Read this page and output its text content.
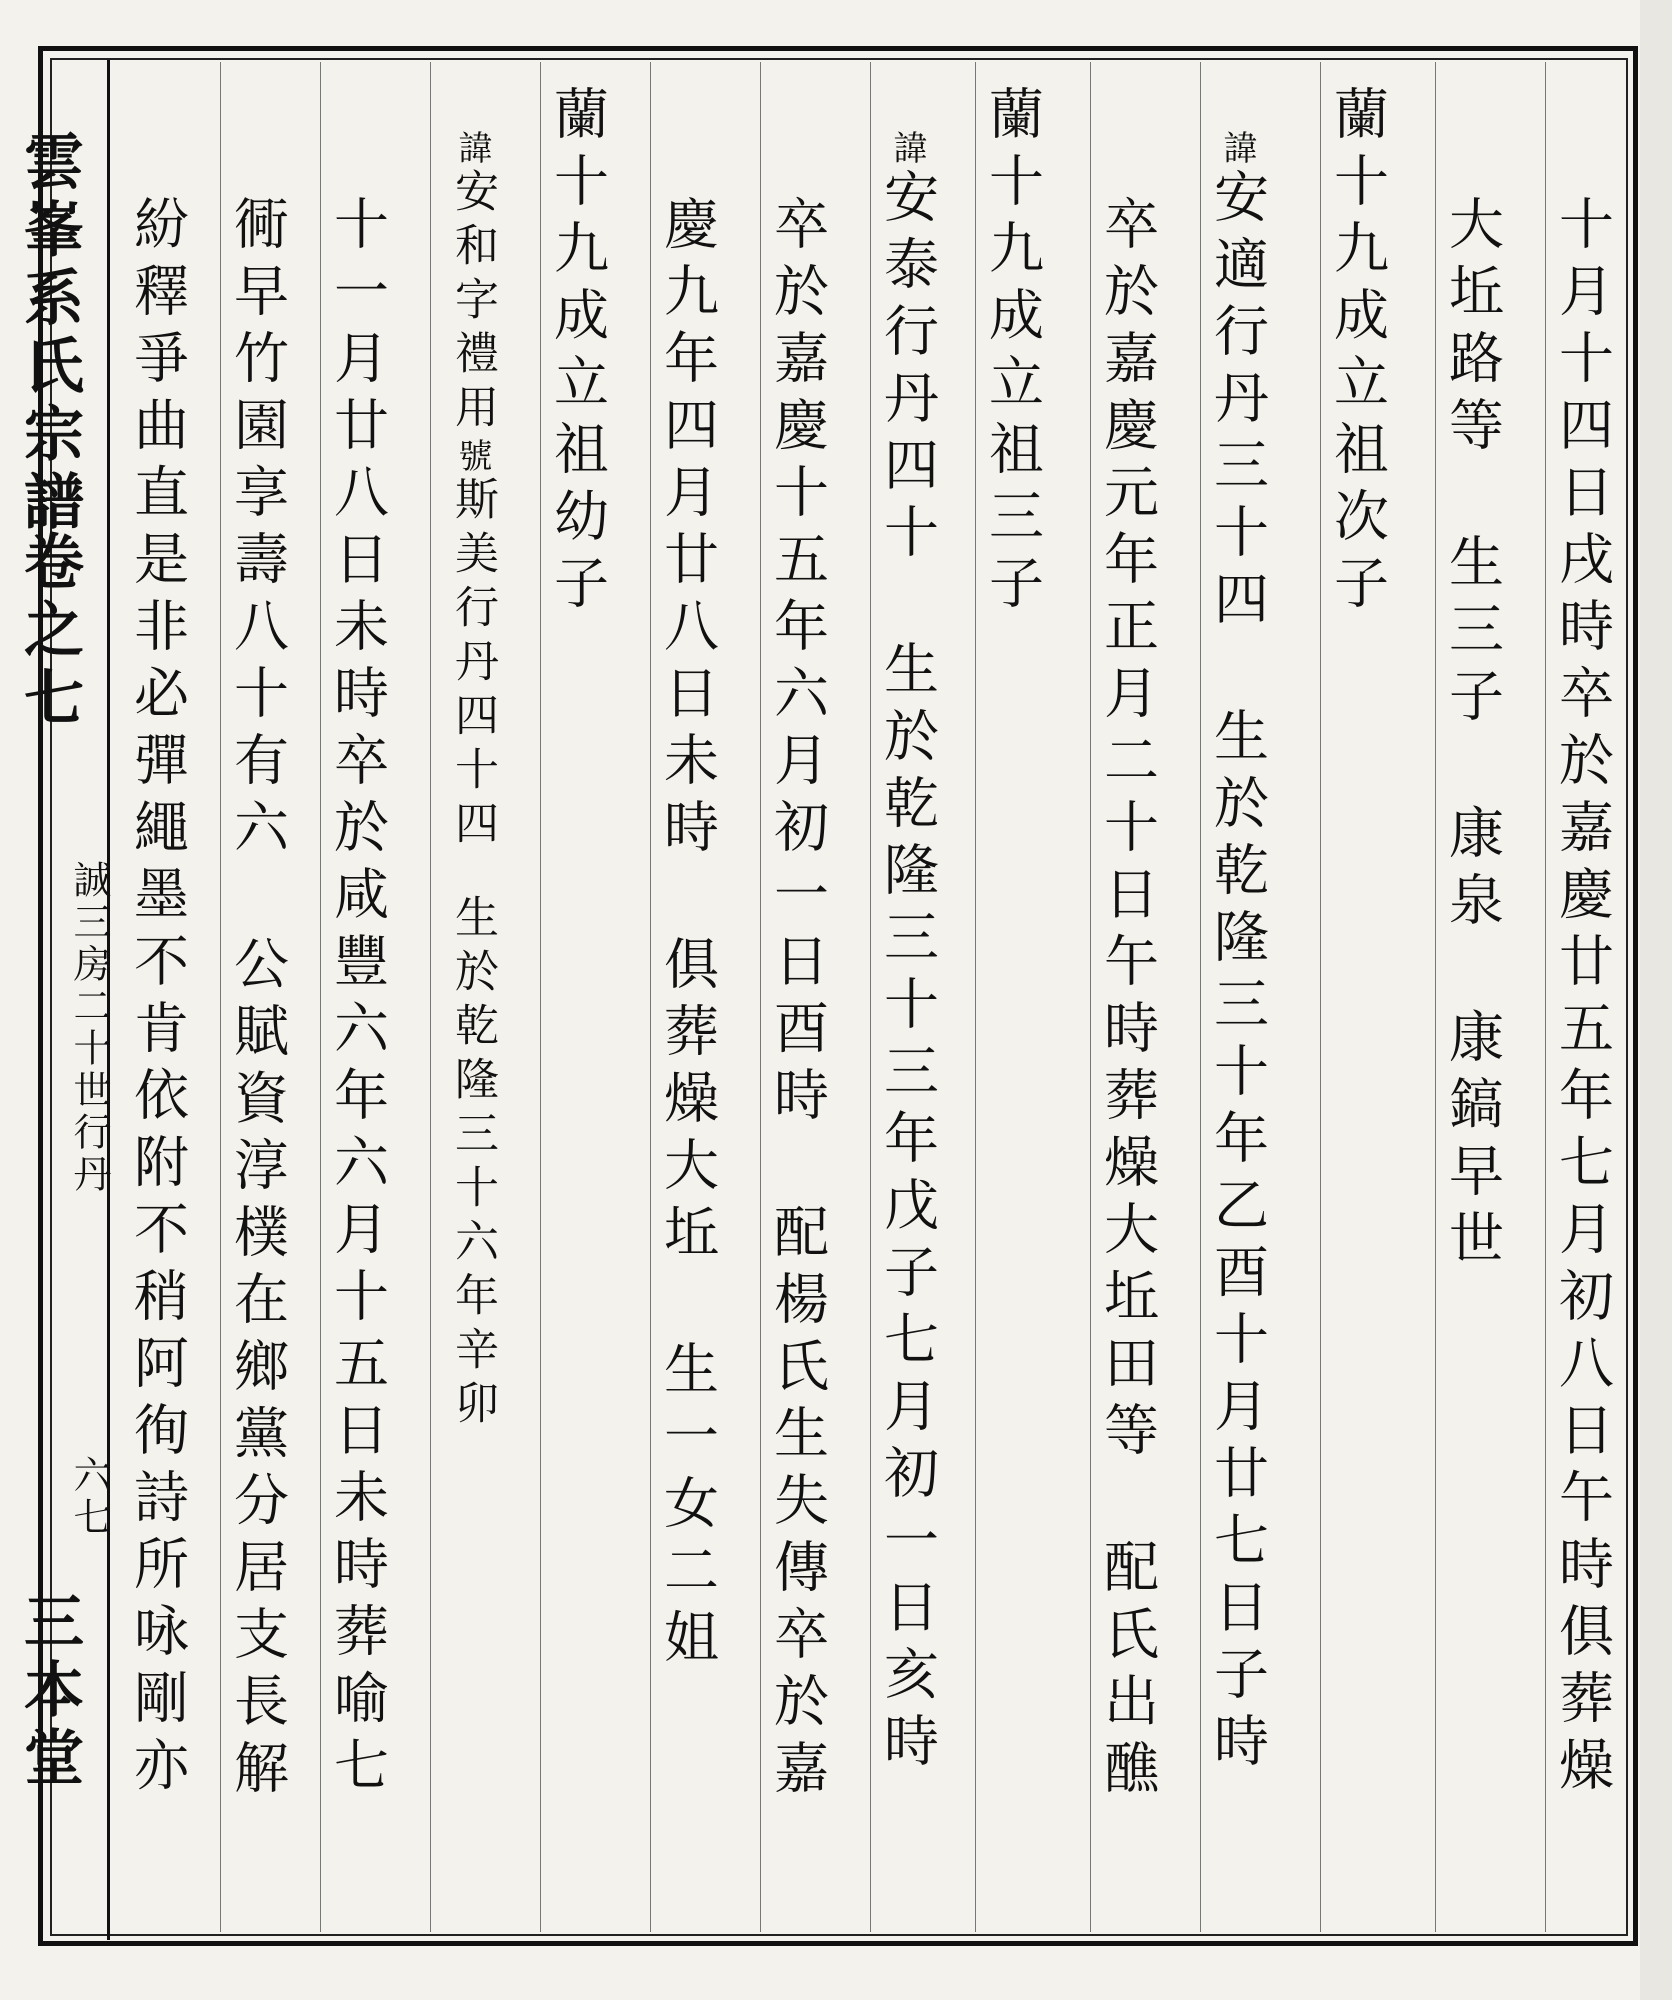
雲峯系氏宗譜
卷之七
誠三房二十世行丹
六七
三本堂	十月十四日戌時卒於嘉慶廿五年七月初八日午時俱葬燥
大坵路等生三子康泉康鎬早世
蘭十九成立祖次子
諱安適行丹三十四生於乾隆三十年乙酉十月廿七日子時
卒於嘉慶元年正月二十日午時葬燥大坵田等配氏出醮
蘭十九成立祖三子
諱安泰行丹四十生於乾隆三十三年戊子七月初一日亥時
卒於嘉慶十五年六月初一日酉時配楊氏生失傳卒於嘉
慶九年四月廿八日未時俱葬燥大坵生一女二姐
蘭十九成立祖幼子
諱安和字禮用號斯美行丹四十四生於乾隆三十六年辛卯
十一月廿八日未時卒於咸豐六年六月十五日未時葬喻七
衕早竹園享壽八十有六公賦資淳樸在鄉黨分居支長解
紛釋爭曲直是非必彈繩墨不肯依附不稍阿徇詩所咏剛亦
